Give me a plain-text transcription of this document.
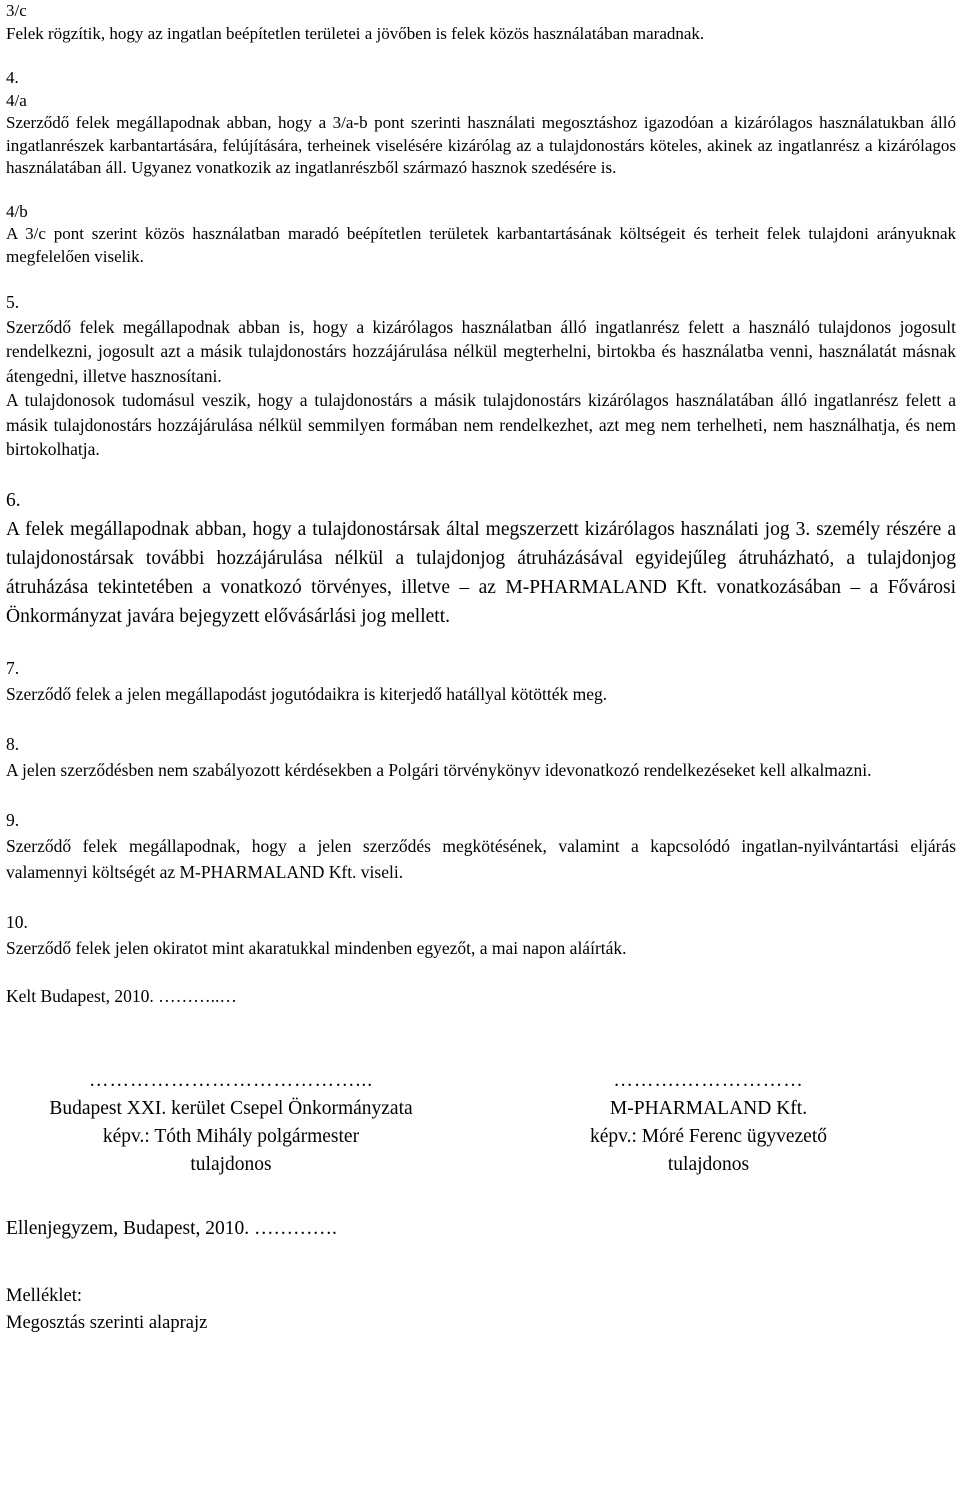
3/c

Felek rögzítik, hogy az ingatlan beépítetlen területei a jövőben is felek közös használatában maradnak.

4.

4/a

Szerződő felek megállapodnak abban, hogy a 3/a-b pont szerinti használati megosztáshoz igazodóan a kizárólagos használatukban álló ingatlanrészek karbantartására, felújítására, terheinek viselésére kizárólag az a tulajdonostárs köteles, akinek az ingatlanrész a kizárólagos használatában áll. Ugyanez vonatkozik az ingatlanrészből származó hasznok szedésére is.

4/b

A 3/c pont szerint közös használatban maradó beépítetlen területek karbantartásának költségeit és terheit felek tulajdoni arányuknak megfelelően viselik.

5.

Szerződő felek megállapodnak abban is, hogy a kizárólagos használatban álló ingatlanrész felett a használó tulajdonos jogosult rendelkezni, jogosult azt a másik tulajdonostárs hozzájárulása nélkül megterhelni, birtokba és használatba venni, használatát másnak átengedni, illetve hasznosítani.

A tulajdonosok tudomásul veszik, hogy a tulajdonostárs a másik tulajdonostárs kizárólagos használatában álló ingatlanrész felett a másik tulajdonostárs hozzájárulása nélkül semmilyen formában nem rendelkezhet, azt meg nem terhelheti, nem használhatja, és nem birtokolhatja.

6.

A felek megállapodnak abban, hogy a tulajdonostársak által megszerzett kizárólagos használati jog 3. személy részére a tulajdonostársak további hozzájárulása nélkül a tulajdonjog átruházásával egyidejűleg átruházható, a tulajdonjog átruházása tekintetében a vonatkozó törvényes, illetve – az M-PHARMALAND Kft. vonatkozásában – a Fővárosi Önkormányzat javára bejegyzett elővásárlási jog mellett.

7.

Szerződő felek a jelen megállapodást jogutódaikra is kiterjedő hatállyal kötötték meg.

8.

A jelen szerződésben nem szabályozott kérdésekben a Polgári törvénykönyv idevonatkozó rendelkezéseket kell alkalmazni.

9.

Szerződő felek megállapodnak, hogy a jelen szerződés megkötésének, valamint a kapcsolódó ingatlan-nyilvántartási eljárás valamennyi költségét az M-PHARMALAND Kft. viseli.

10.

Szerződő felek jelen okiratot mint akaratukkal mindenben egyezőt, a mai napon aláírták.

Kelt Budapest, 2010. ………..…

…………………………………...
Budapest XXI. kerület Csepel Önkormányzata
képv.: Tóth Mihály polgármester
tulajdonos
……….………………
M-PHARMALAND Kft.
képv.: Móré Ferenc ügyvezető
tulajdonos

Ellenjegyzem, Budapest, 2010. ………….

Melléklet:

Megosztás szerinti alaprajz
